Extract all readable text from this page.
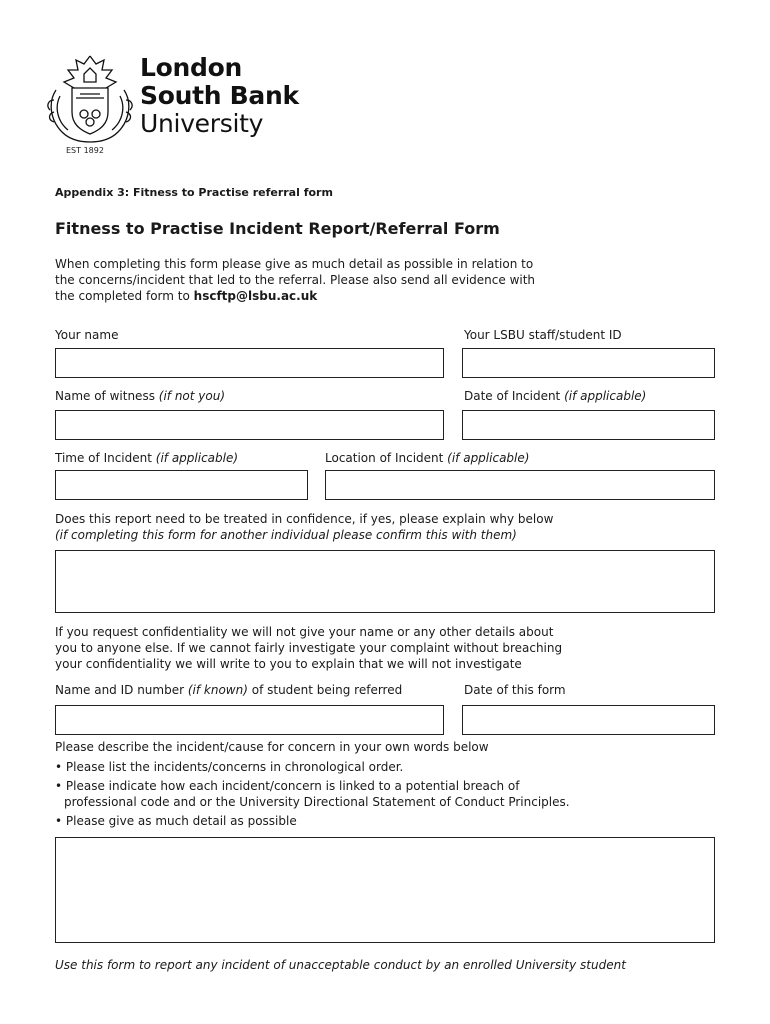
London
South Bank
University
EST 1892
Appendix 3: Fitness to Practise referral form
Fitness to Practise Incident Report/Referral Form
When completing this form please give as much detail as possible in relation to
the concerns/incident that led to the referral. Please also send all evidence with
the completed form to hscftp@lsbu.ac.uk
Your name	Your LSBU staff/student ID
Name of witness (if not you)	Date of Incident (if applicable)
Time of Incident (if applicable)	Location of Incident (if applicable)
Does this report need to be treated in confidence, if yes, please explain why below
(if completing this form for another individual please confirm this with them)
If you request confidentiality we will not give your name or any other details about
you to anyone else. If we cannot fairly investigate your complaint without breaching
your confidentiality we will write to you to explain that we will not investigate
Name and ID number (if known) of student being referred	Date of this form
Please describe the incident/cause for concern in your own words below
• Please list the incidents/concerns in chronological order.
• Please indicate how each incident/concern is linked to a potential breach of
professional code and or the University Directional Statement of Conduct Principles.
• Please give as much detail as possible
Use this form to report any incident of unacceptable conduct by an enrolled University student
